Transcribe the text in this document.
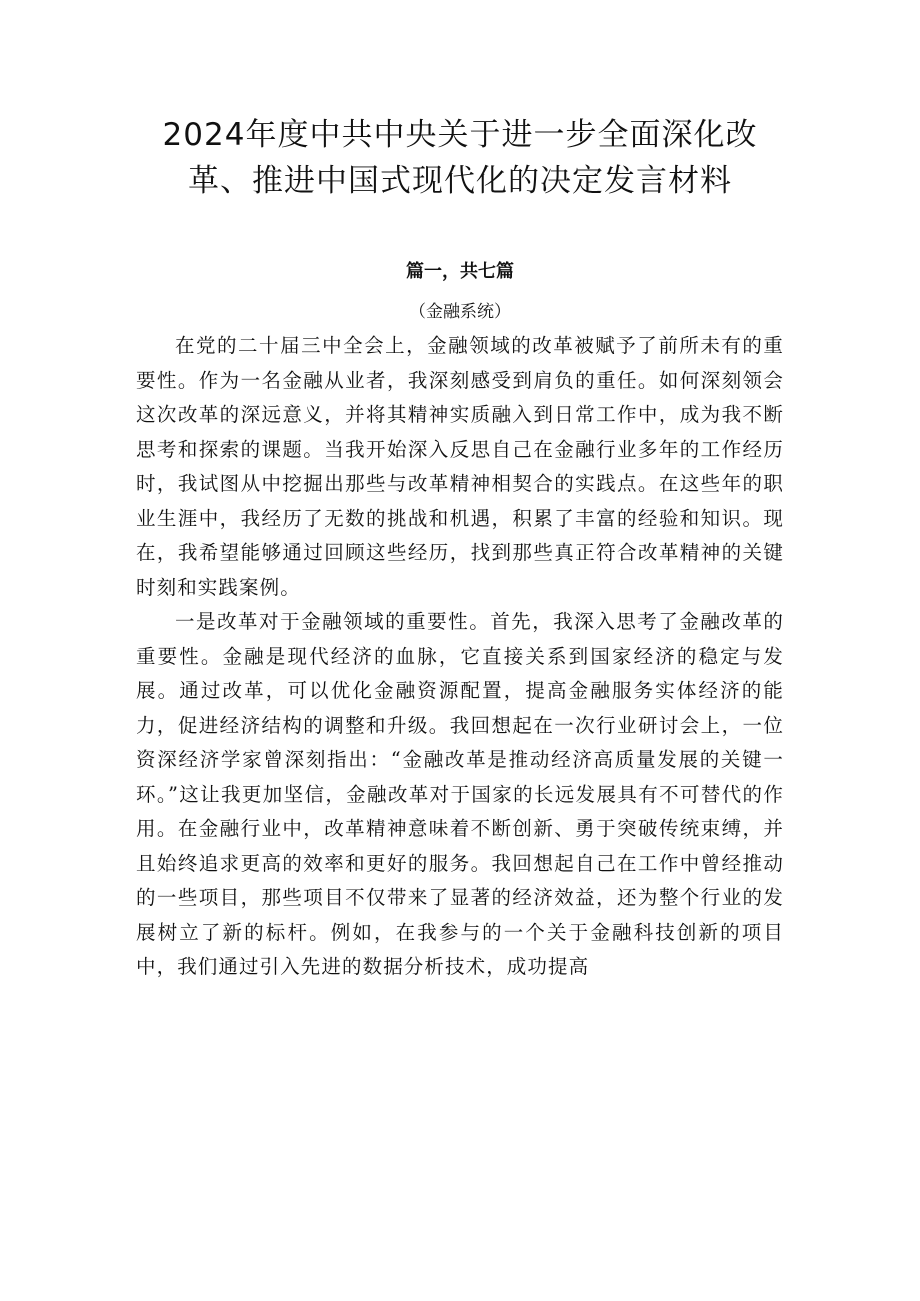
2024年度中共中央关于进一步全面深化改革、推进中国式现代化的决定发言材料
篇一，共七篇
（金融系统）

在党的二十届三中全会上，金融领域的改革被赋予了前所未有的重要性。作为一名金融从业者，我深刻感受到肩负的重任。如何深刻领会这次改革的深远意义，并将其精神实质融入到日常工作中，成为我不断思考和探索的课题。当我开始深入反思自己在金融行业多年的工作经历时，我试图从中挖掘出那些与改革精神相契合的实践点。在这些年的职业生涯中，我经历了无数的挑战和机遇，积累了丰富的经验和知识。现在，我希望能够通过回顾这些经历，找到那些真正符合改革精神的关键时刻和实践案例。

一是改革对于金融领域的重要性。首先，我深入思考了金融改革的重要性。金融是现代经济的血脉，它直接关系到国家经济的稳定与发展。通过改革，可以优化金融资源配置，提高金融服务实体经济的能力，促进经济结构的调整和升级。我回想起在一次行业研讨会上，一位资深经济学家曾深刻指出：“金融改革是推动经济高质量发展的关键一环。”这让我更加坚信，金融改革对于国家的长远发展具有不可替代的作用。在金融行业中，改革精神意味着不断创新、勇于突破传统束缚，并且始终追求更高的效率和更好的服务。我回想起自己在工作中曾经推动的一些项目，那些项目不仅带来了显著的经济效益，还为整个行业的发展树立了新的标杆。例如，在我参与的一个关于金融科技创新的项目中，我们通过引入先进的数据分析技术，成功提高
